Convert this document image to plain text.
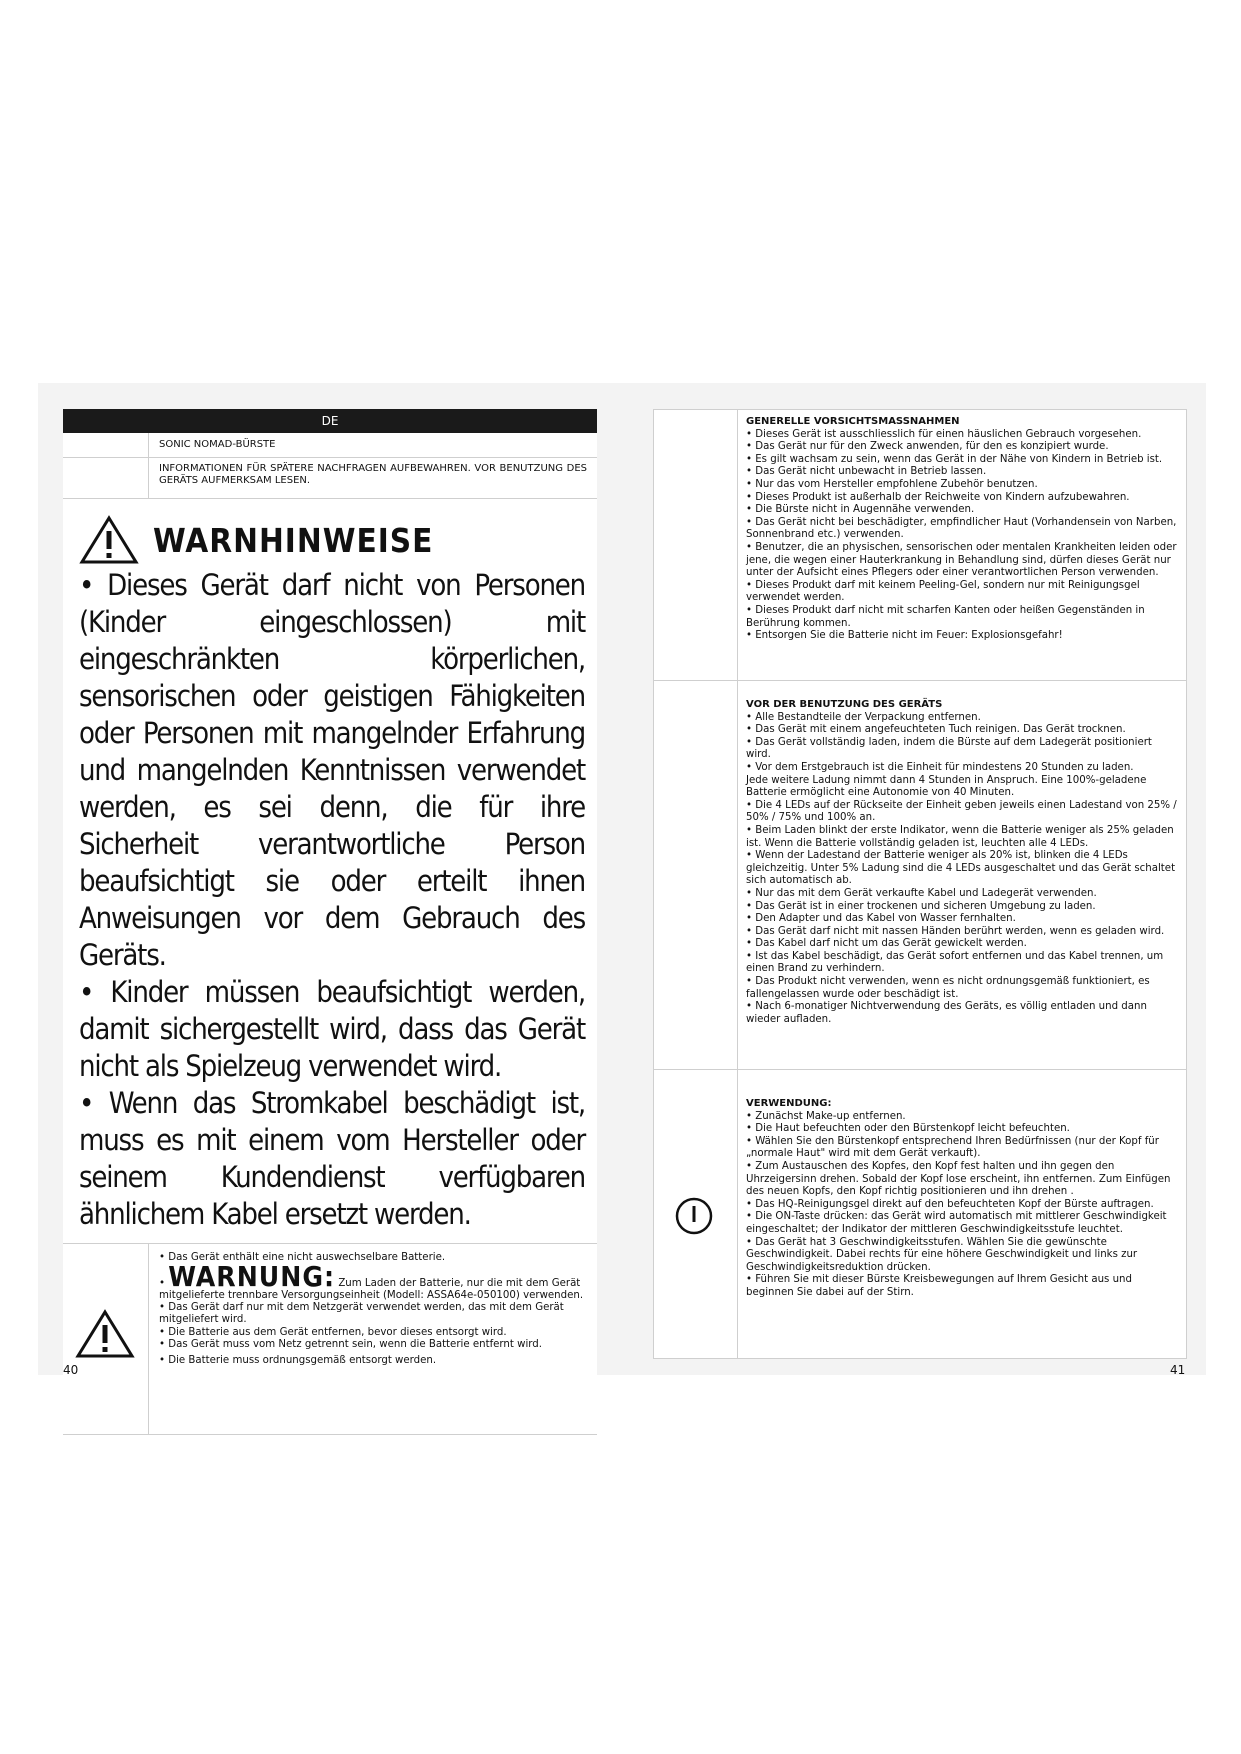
DE
SONIC NOMAD-BÜRSTE
INFORMATIONEN FÜR SPÄTERE NACHFRAGEN AUFBEWAHREN. VOR BENUTZUNG DES GERÄTS AUFMERKSAM LESEN.
WARNHINWEISE

• Dieses Gerät darf nicht von Personen (Kinder eingeschlossen) mit eingeschränkten körperlichen, sensorischen oder geistigen Fähigkeiten oder Personen mit mangelnder Erfahrung und mangelnden Kenntnissen verwendet werden, es sei denn, die für ihre Sicherheit verantwortliche Person beaufsichtigt sie oder erteilt ihnen Anweisungen vor dem Gebrauch des Geräts.

• Kinder müssen beaufsichtigt werden, damit sichergestellt wird, dass das Gerät nicht als Spielzeug verwendet wird.

• Wenn das Stromkabel beschädigt ist, muss es mit einem vom Hersteller oder seinem Kundendienst verfügbaren ähnlichem Kabel ersetzt werden.

• Das Gerät enthält eine nicht auswechselbare Batterie.

• WARNUNG: Zum Laden der Batterie, nur die mit dem Gerät mitgelieferte trennbare Versorgungseinheit (Modell: ASSA64e-050100) verwenden.

• Das Gerät darf nur mit dem Netzgerät verwendet werden, das mit dem Gerät mitgeliefert wird.

• Die Batterie aus dem Gerät entfernen, bevor dieses entsorgt wird.

• Das Gerät muss vom Netz getrennt sein, wenn die Batterie entfernt wird.

• Die Batterie muss ordnungsgemäß entsorgt werden.

40
GENERELLE VORSICHTSMASSNAHMEN

• Dieses Gerät ist ausschliesslich für einen häuslichen Gebrauch vorgesehen.

• Das Gerät nur für den Zweck anwenden, für den es konzipiert wurde.

• Es gilt wachsam zu sein, wenn das Gerät in der Nähe von Kindern in Betrieb ist.

• Das Gerät nicht unbewacht in Betrieb lassen.

• Nur das vom Hersteller empfohlene Zubehör benutzen.

• Dieses Produkt ist außerhalb der Reichweite von Kindern aufzubewahren.

• Die Bürste nicht in Augennähe verwenden.

• Das Gerät nicht bei beschädigter, empfindlicher Haut (Vorhandensein von Narben, Sonnenbrand etc.) verwenden.

• Benutzer, die an physischen, sensorischen oder mentalen Krankheiten leiden oder jene, die wegen einer Hauterkrankung in Behandlung sind, dürfen dieses Gerät nur unter der Aufsicht eines Pflegers oder einer verantwortlichen Person verwenden.

• Dieses Produkt darf mit keinem Peeling-Gel, sondern nur mit Reinigungsgel verwendet werden.

• Dieses Produkt darf nicht mit scharfen Kanten oder heißen Gegenständen in Berührung kommen.

• Entsorgen Sie die Batterie nicht im Feuer: Explosionsgefahr!

VOR DER BENUTZUNG DES GERÄTS

• Alle Bestandteile der Verpackung entfernen.

• Das Gerät mit einem angefeuchteten Tuch reinigen. Das Gerät trocknen.

• Das Gerät vollständig laden, indem die Bürste auf dem Ladegerät positioniert wird.

• Vor dem Erstgebrauch ist die Einheit für mindestens 20 Stunden zu laden.

Jede weitere Ladung nimmt dann 4 Stunden in Anspruch. Eine 100%-geladene Batterie ermöglicht eine Autonomie von 40 Minuten.

• Die 4 LEDs auf der Rückseite der Einheit geben jeweils einen Ladestand von 25% / 50% / 75% und 100% an.

• Beim Laden blinkt der erste Indikator, wenn die Batterie weniger als 25% geladen ist. Wenn die Batterie vollständig geladen ist, leuchten alle 4 LEDs.

• Wenn der Ladestand der Batterie weniger als 20% ist, blinken die 4 LEDs gleichzeitig. Unter 5% Ladung sind die 4 LEDs ausgeschaltet und das Gerät schaltet sich automatisch ab.

• Nur das mit dem Gerät verkaufte Kabel und Ladegerät verwenden.

• Das Gerät ist in einer trockenen und sicheren Umgebung zu laden.

• Den Adapter und das Kabel von Wasser fernhalten.

• Das Gerät darf nicht mit nassen Händen berührt werden, wenn es geladen wird.

• Das Kabel darf nicht um das Gerät gewickelt werden.

• Ist das Kabel beschädigt, das Gerät sofort entfernen und das Kabel trennen, um einen Brand zu verhindern.

• Das Produkt nicht verwenden, wenn es nicht ordnungsgemäß funktioniert, es fallengelassen wurde oder beschädigt ist.

• Nach 6-monatiger Nichtverwendung des Geräts, es völlig entladen und dann wieder aufladen.

VERWENDUNG:

• Zunächst Make-up entfernen.

• Die Haut befeuchten oder den Bürstenkopf leicht befeuchten.

• Wählen Sie den Bürstenkopf entsprechend Ihren Bedürfnissen (nur der Kopf für „normale Haut" wird mit dem Gerät verkauft).

• Zum Austauschen des Kopfes, den Kopf fest halten und ihn gegen den Uhrzeigersinn drehen. Sobald der Kopf lose erscheint, ihn entfernen. Zum Einfügen des neuen Kopfs, den Kopf richtig positionieren und ihn drehen .

• Das HQ-Reinigungsgel direkt auf den befeuchteten Kopf der Bürste auftragen.

• Die ON-Taste drücken: das Gerät wird automatisch mit mittlerer Geschwindigkeit eingeschaltet; der Indikator der mittleren Geschwindigkeitsstufe leuchtet.

• Das Gerät hat 3 Geschwindigkeitsstufen. Wählen Sie die gewünschte Geschwindigkeit. Dabei rechts für eine höhere Geschwindigkeit und links zur Geschwindigkeitsreduktion drücken.

• Führen Sie mit dieser Bürste Kreisbewegungen auf Ihrem Gesicht aus und beginnen Sie dabei auf der Stirn.

41
